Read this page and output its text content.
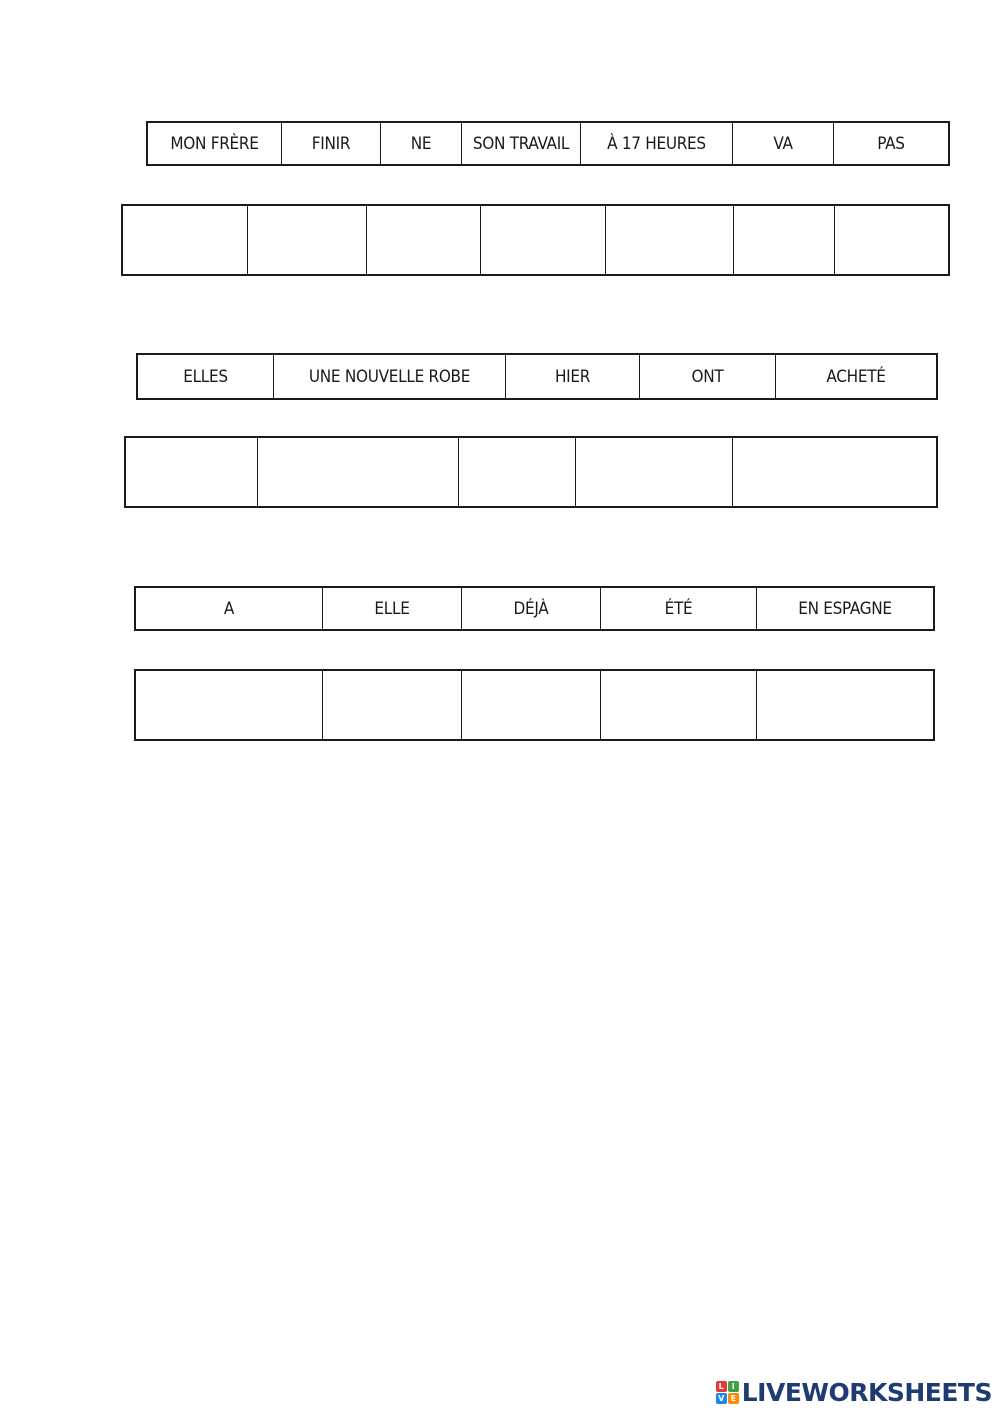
MON FRÈRE	FINIR	NE	SON TRAVAIL	À 17 HEURES	VA	PAS
ELLES	UNE NOUVELLE ROBE	HIER	ONT	ACHETÉ
A	ELLE	DÉJÀ	ÉTÉ	EN ESPAGNE
L I
V E LIVEWORKSHEETS
